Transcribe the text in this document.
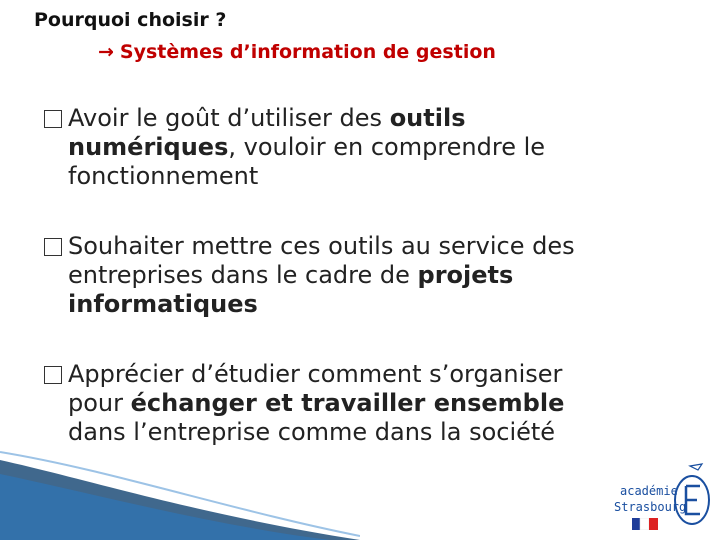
Pourquoi choisir ?
→ Systèmes d’information de gestion
Avoir le goût d’utiliser des outils
numériques, vouloir en comprendre le
fonctionnement
Souhaiter mettre ces outils au service des
entreprises dans le cadre de projets
informatiques
Apprécier d’étudier comment s’organiser
pour échanger et travailler ensemble
dans l’entreprise comme dans la société
académie
Strasbourg
